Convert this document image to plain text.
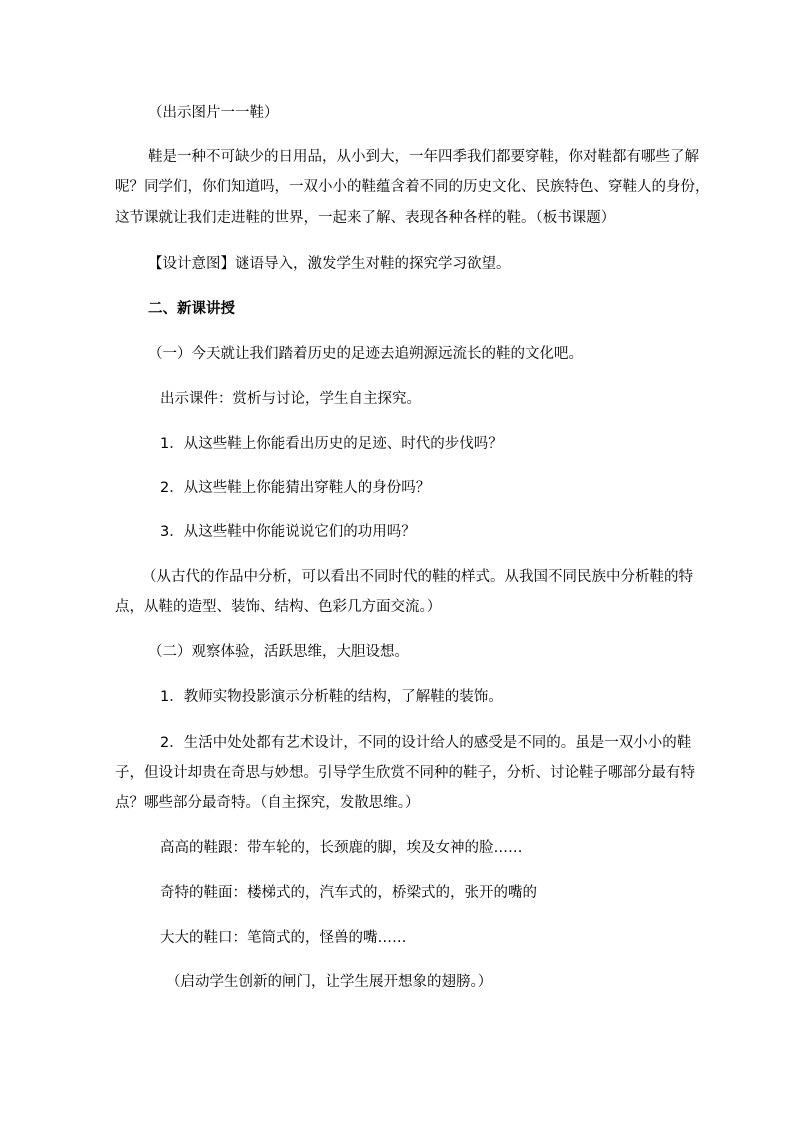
（出示图片一一鞋）
鞋是一种不可缺少的日用品，从小到大，一年四季我们都要穿鞋，你对鞋都有哪些了解
呢？同学们，你们知道吗，一双小小的鞋蕴含着不同的历史文化、民族特色、穿鞋人的身份，
这节课就让我们走进鞋的世界，一起来了解、表现各种各样的鞋。（板书课题）
【设计意图】谜语导入，激发学生对鞋的探究学习欲望。
二、新课讲授
（一）今天就让我们踏着历史的足迹去追朔源远流长的鞋的文化吧。
出示课件：赏析与讨论，学生自主探究。
1．从这些鞋上你能看出历史的足迹、时代的步伐吗？
2．从这些鞋上你能猜出穿鞋人的身份吗？
3．从这些鞋中你能说说它们的功用吗？
（从古代的作品中分析，可以看出不同时代的鞋的样式。从我国不同民族中分析鞋的特
点，从鞋的造型、装饰、结构、色彩几方面交流。）
（二）观察体验，活跃思维，大胆设想。
1．教师实物投影演示分析鞋的结构，了解鞋的装饰。
2．生活中处处都有艺术设计，不同的设计给人的感受是不同的。虽是一双小小的鞋
子，但设计却贵在奇思与妙想。引导学生欣赏不同种的鞋子，分析、讨论鞋子哪部分最有特
点？哪些部分最奇特。（自主探究，发散思维。）
高高的鞋跟：带车轮的，长颈鹿的脚，埃及女神的脸……
奇特的鞋面：楼梯式的，汽车式的，桥梁式的，张开的嘴的
大大的鞋口：笔筒式的，怪兽的嘴……
（启动学生创新的闸门，让学生展开想象的翅膀。）
